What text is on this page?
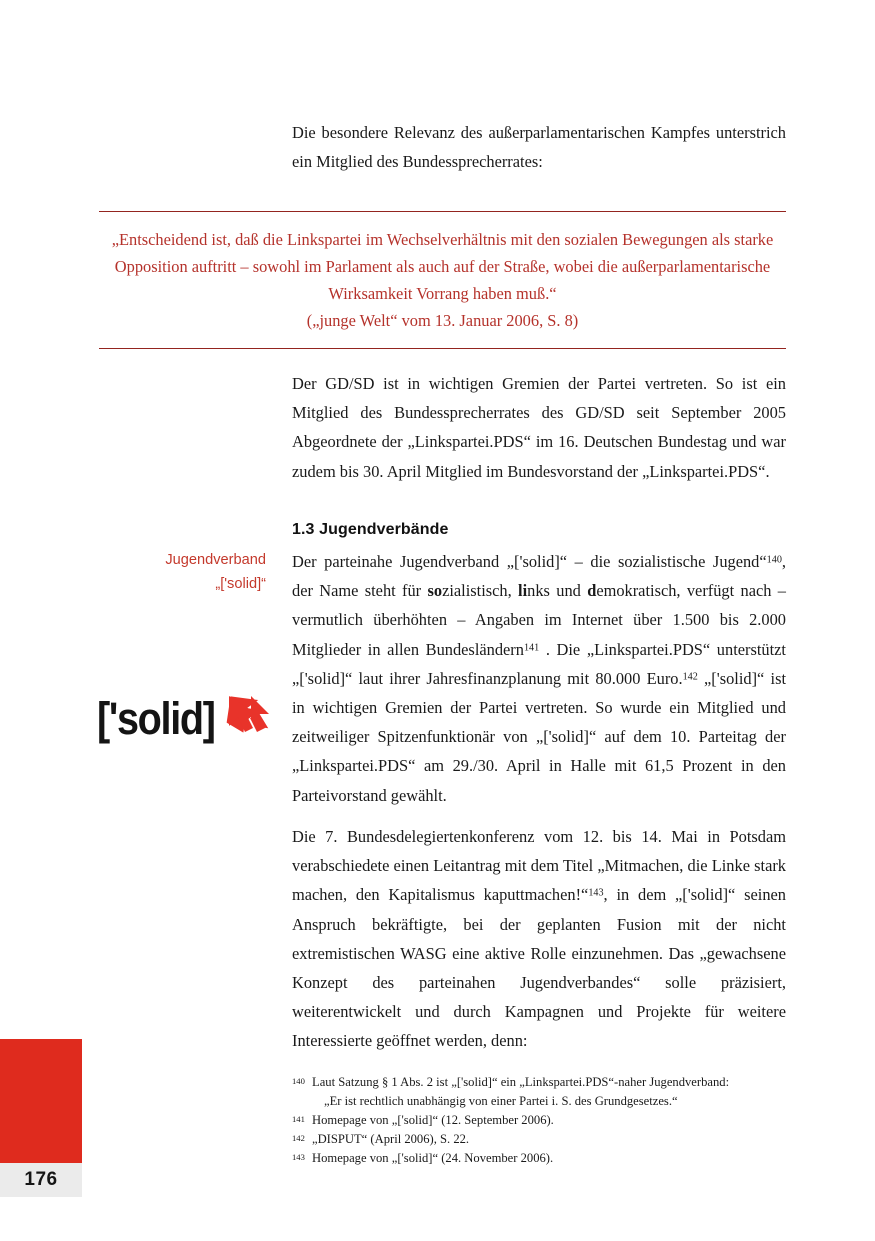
176

Die besondere Relevanz des außerparlamentarischen Kampfes unterstrich ein Mitglied des Bundessprecherrates:

„Entscheidend ist, daß die Linkspartei im Wechselverhältnis mit den sozialen Bewegungen als starke Opposition auftritt – sowohl im Parlament als auch auf der Straße, wobei die außerparlamentarische Wirksamkeit Vorrang haben muß.“

(„junge Welt“ vom 13. Januar 2006, S. 8)

Der GD/SD ist in wichtigen Gremien der Partei vertreten. So ist ein Mitglied des Bundessprecherrates des GD/SD seit September 2005 Abgeordnete der „Linkspartei.PDS“ im 16. Deutschen Bundestag und war zudem bis 30. April Mitglied im Bundesvorstand der „Linkspartei.PDS“.

1.3 Jugendverbände
Jugendverband
„['solid]“
['solid]

Der parteinahe Jugendverband „['solid]“ – die sozialistische Jugend“$^{140}$, der Name steht für sozialistisch, links und demokratisch, verfügt nach – vermutlich überhöhten – Angaben im Internet über 1.500 bis 2.000 Mitglieder in allen Bundesländern$^{141}$ . Die „Linkspartei.PDS“ unterstützt „['solid]“ laut ihrer Jahresfinanzplanung mit 80.000 Euro.$^{142}$ „['solid]“ ist in wichtigen Gremien der Partei vertreten. So wurde ein Mitglied und zeitweiliger Spitzenfunktionär von „['solid]“ auf dem 10. Parteitag der „Linkspartei.PDS“ am 29./30. April in Halle mit 61,5 Prozent in den Parteivorstand gewählt.

Die 7. Bundesdelegiertenkonferenz vom 12. bis 14. Mai in Potsdam verabschiedete einen Leitantrag mit dem Titel „Mitmachen, die Linke stark machen, den Kapitalismus kaputtmachen!“$^{143}$, in dem „['solid]“ seinen Anspruch bekräftigte, bei der geplanten Fusion mit der nicht extremistischen WASG eine aktive Rolle einzunehmen. Das „gewachsene Konzept des parteinahen Jugendverbandes“ solle präzisiert, weiterentwickelt und durch Kampagnen und Projekte für weitere Interessierte geöffnet werden, denn:

140 Laut Satzung § 1 Abs. 2 ist „['solid]“ ein „Linkspartei.PDS“-naher Jugendverband:
„Er ist rechtlich unabhängig von einer Partei i. S. des Grundgesetzes.“
141 Homepage von „['solid]“ (12. September 2006).
142 „DISPUT“ (April 2006), S. 22.
143 Homepage von „['solid]“ (24. November 2006).
